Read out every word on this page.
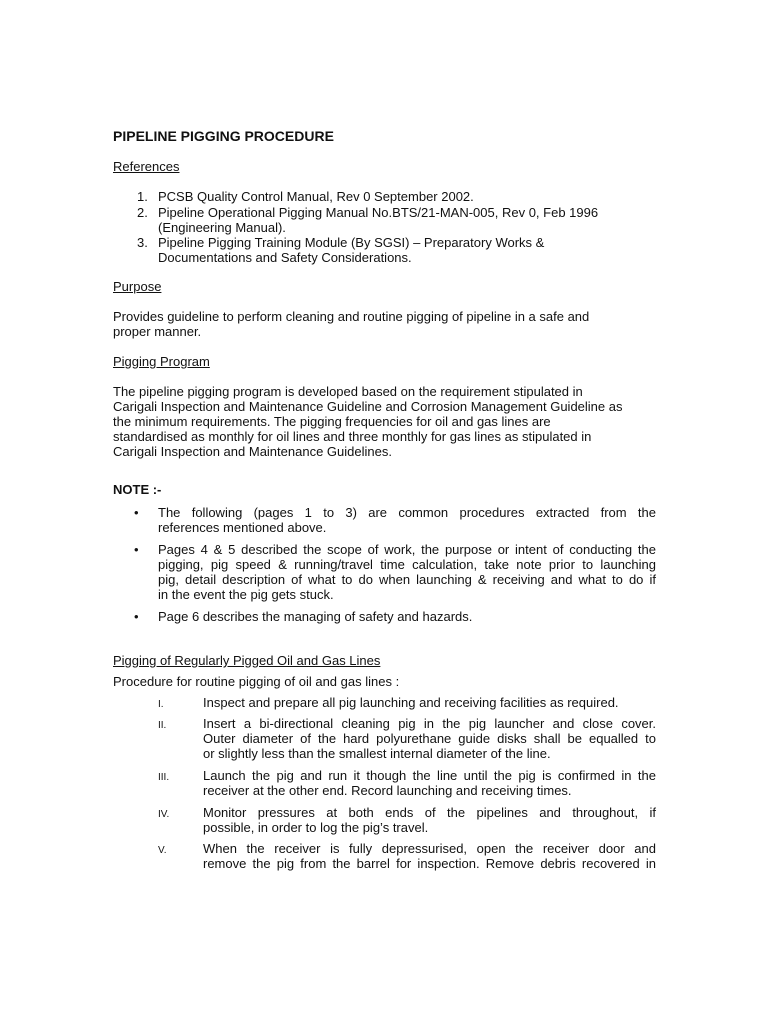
PIPELINE PIGGING PROCEDURE
References
1. PCSB Quality Control Manual, Rev 0 September 2002.
2. Pipeline Operational Pigging Manual No.BTS/21-MAN-005, Rev 0, Feb 1996
(Engineering Manual).
3. Pipeline Pigging Training Module (By SGSI) – Preparatory Works &
Documentations and Safety Considerations.
Purpose
Provides guideline to perform cleaning and routine pigging of pipeline in a safe and
proper manner.
Pigging Program
The pipeline pigging program is developed based on the requirement stipulated in
Carigali Inspection and Maintenance Guideline and Corrosion Management Guideline as
the minimum requirements. The pigging frequencies for oil and gas lines are
standardised as monthly for oil lines and three monthly for gas lines as stipulated in
Carigali Inspection and Maintenance Guidelines.
NOTE :-
• The following (pages 1 to 3) are common procedures extracted from the
references mentioned above.
• Pages 4 & 5 described the scope of work, the purpose or intent of conducting the
pigging, pig speed & running/travel time calculation, take note prior to launching
pig, detail description of what to do when launching & receiving and what to do if
in the event the pig gets stuck.
• Page 6 describes the managing of safety and hazards.
Pigging of Regularly Pigged Oil and Gas Lines
Procedure for routine pigging of oil and gas lines :
I.	Inspect and prepare all pig launching and receiving facilities as required.
II.	Insert a bi-directional cleaning pig in the pig launcher and close cover.
Outer diameter of the hard polyurethane guide disks shall be equalled to
or slightly less than the smallest internal diameter of the line.
III.	Launch the pig and run it though the line until the pig is confirmed in the
receiver at the other end. Record launching and receiving times.
IV.	Monitor pressures at both ends of the pipelines and throughout, if
possible, in order to log the pig’s travel.
V.	When the receiver is fully depressurised, open the receiver door and
remove the pig from the barrel for inspection. Remove debris recovered in
